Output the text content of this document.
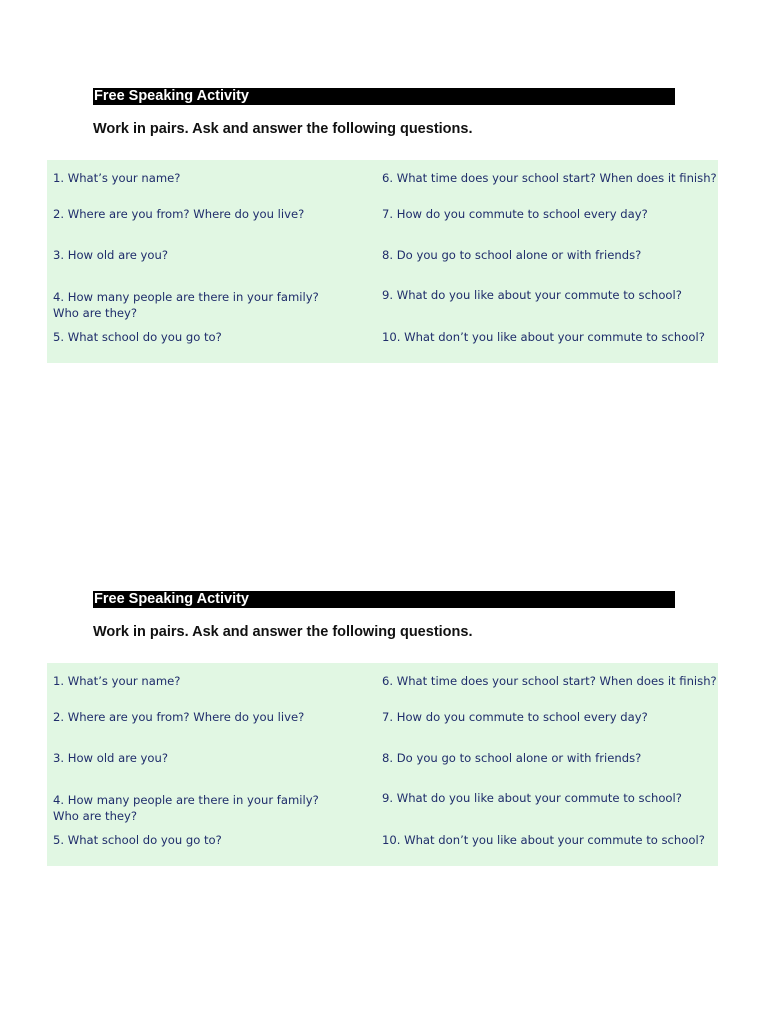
Free Speaking Activity
Work in pairs. Ask and answer the following questions.
1. What’s your name?
2. Where are you from? Where do you live?
3. How old are you?
4. How many people are there in your family?
Who are they?
5. What school do you go to?
6. What time does your school start? When does it finish?
7. How do you commute to school every day?
8. Do you go to school alone or with friends?
9. What do you like about your commute to school?
10. What don’t you like about your commute to school?
Free Speaking Activity
Work in pairs. Ask and answer the following questions.
1. What’s your name?
2. Where are you from? Where do you live?
3. How old are you?
4. How many people are there in your family?
Who are they?
5. What school do you go to?
6. What time does your school start? When does it finish?
7. How do you commute to school every day?
8. Do you go to school alone or with friends?
9. What do you like about your commute to school?
10. What don’t you like about your commute to school?
